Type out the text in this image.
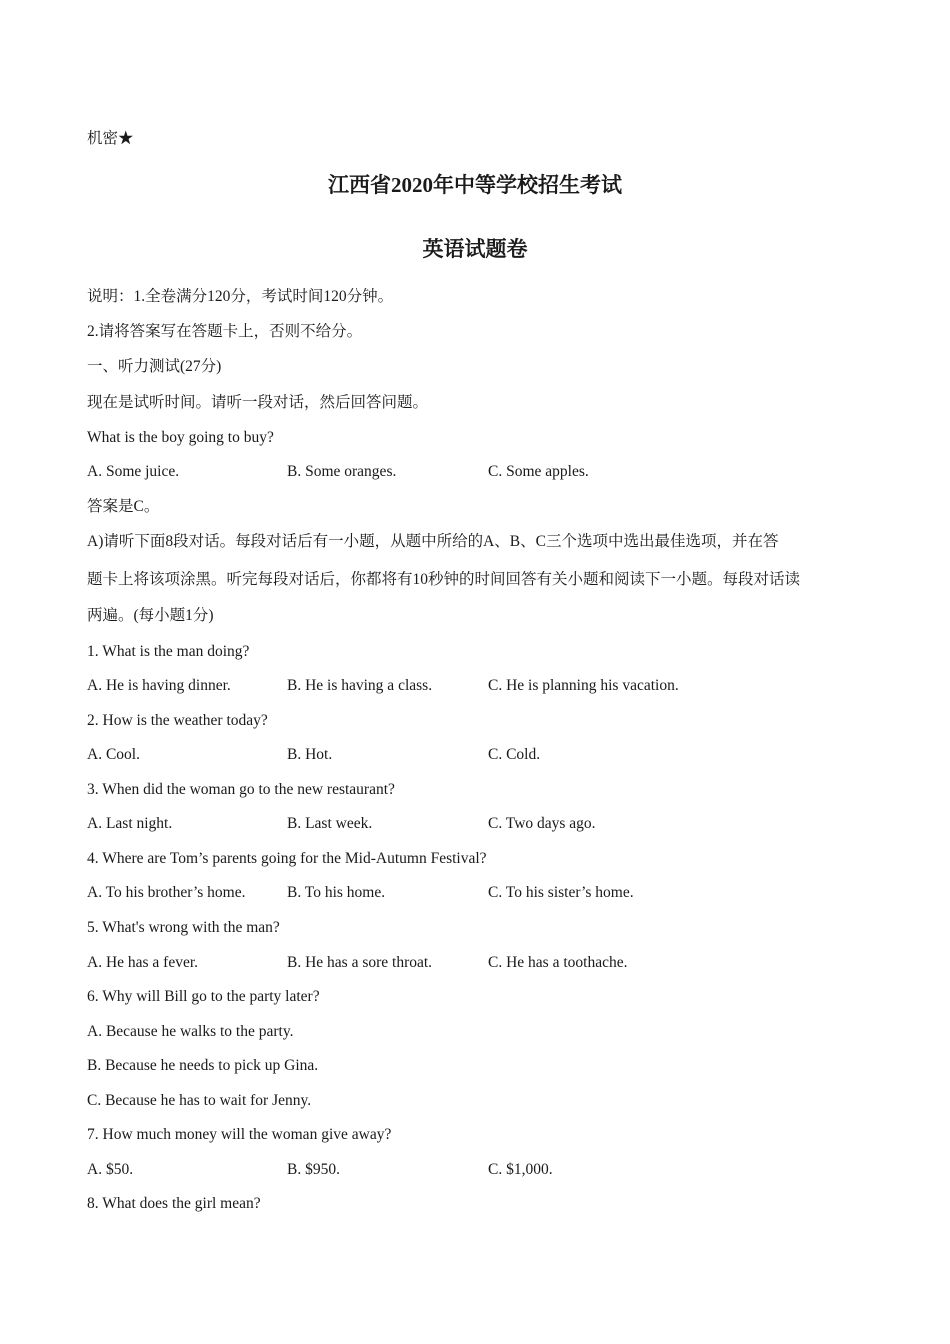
机密★
江西省2020年中等学校招生考试
英语试题卷
说明：1.全卷满分120分，考试时间120分钟。
2.请将答案写在答题卡上，否则不给分。
一、听力测试(27分)
现在是试听时间。请听一段对话，然后回答问题。
What is the boy going to buy?
A. Some juice.	B. Some oranges.	C. Some apples.
答案是C。
A)请听下面8段对话。每段对话后有一小题，从题中所给的A、B、C三个选项中选出最佳选项，并在答
题卡上将该项涂黑。听完每段对话后，你都将有10秒钟的时间回答有关小题和阅读下一小题。每段对话读
两遍。(每小题1分)
1. What is the man doing?
A. He is having dinner.	B. He is having a class.	C. He is planning his vacation.
2. How is the weather today?
A. Cool.	B. Hot.	C. Cold.
3. When did the woman go to the new restaurant?
A. Last night.	B. Last week.	C. Two days ago.
4. Where are Tom’s parents going for the Mid-Autumn Festival?
A. To his brother’s home.	B. To his home.	C. To his sister’s home.
5. What's wrong with the man?
A. He has a fever.	B. He has a sore throat.	C. He has a toothache.
6. Why will Bill go to the party later?
A. Because he walks to the party.
B. Because he needs to pick up Gina.
C. Because he has to wait for Jenny.
7. How much money will the woman give away?
A. $50.	B. $950.	C. $1,000.
8. What does the girl mean?
